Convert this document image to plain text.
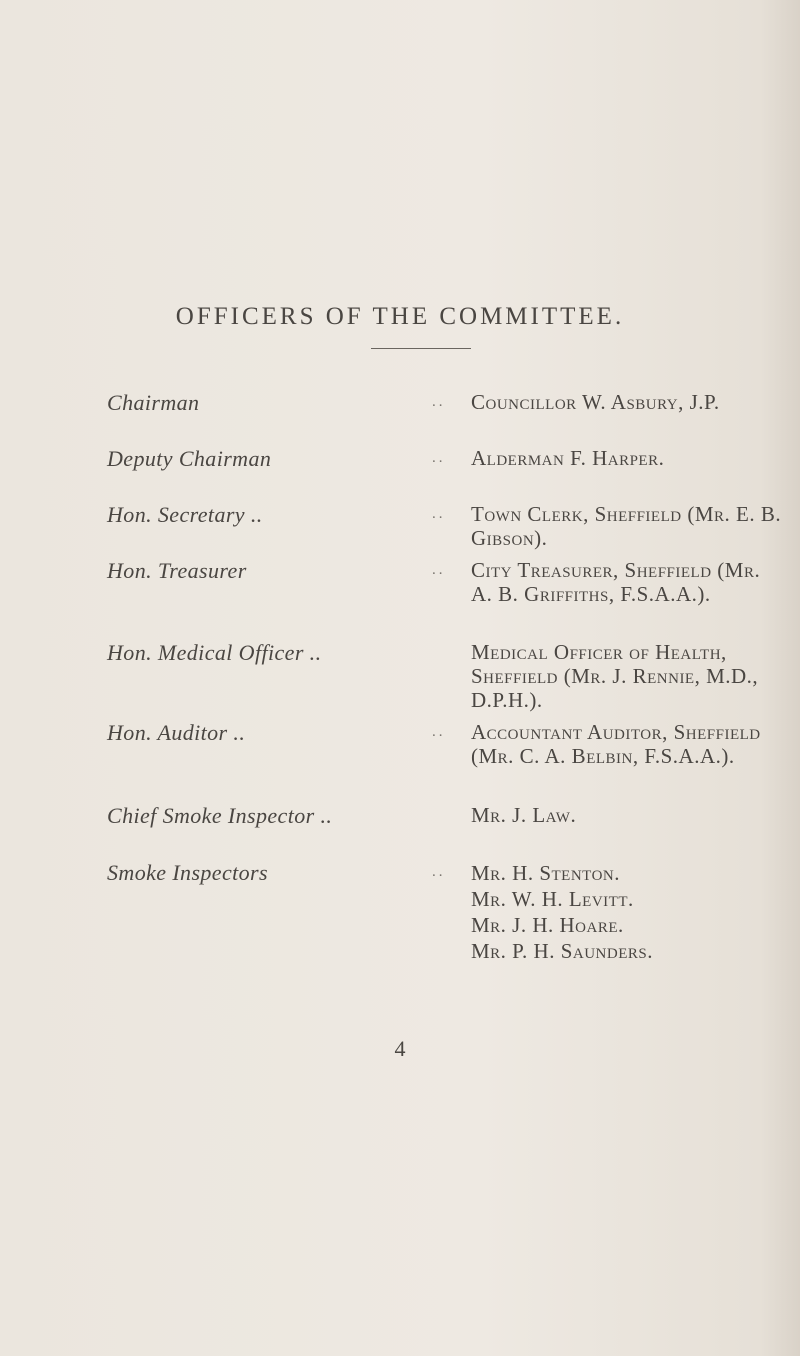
OFFICERS OF THE COMMITTEE.
Chairman	.. Councillor W. Asbury, J.P.
Deputy Chairman	.. Alderman F. Harper.
Hon. Secretary ..	.. Town Clerk, Sheffield (Mr. E. B. Gibson).
Hon. Treasurer	.. City Treasurer, Sheffield (Mr. A. B. Griffiths, F.S.A.A.).
Hon. Medical Officer ..	Medical Officer of Health, Sheffield (Mr. J. Rennie, M.D., D.P.H.).
Hon. Auditor ..	.. Accountant Auditor, Sheffield (Mr. C. A. Belbin, F.S.A.A.).
Chief Smoke Inspector ..	Mr. J. Law.
Smoke Inspectors	.. Mr. H. Stenton.
Mr. W. H. Levitt.
Mr. J. H. Hoare.
Mr. P. H. Saunders.
4
